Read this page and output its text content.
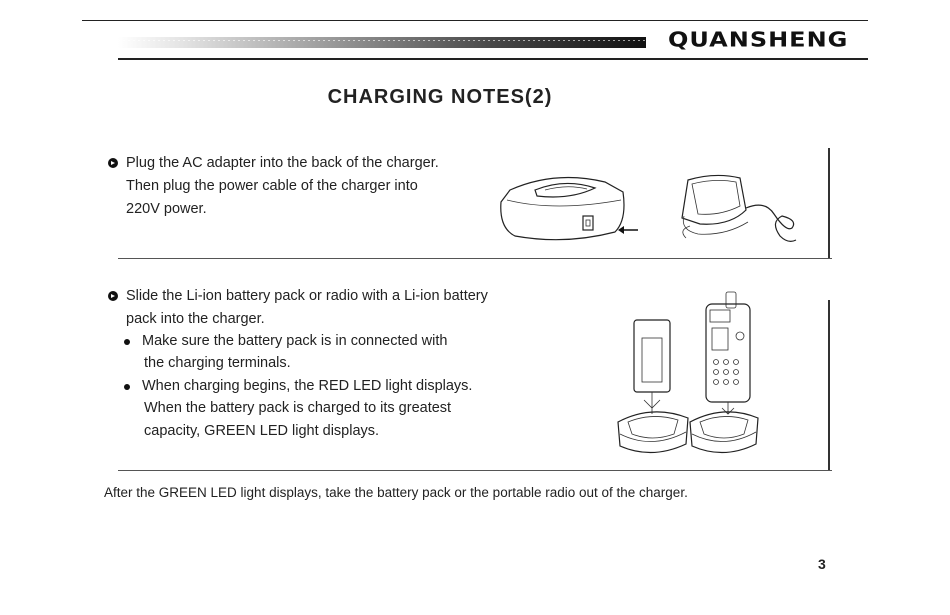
QUANSHENG
CHARGING NOTES(2)
Plug the AC adapter into the back of the charger.
Then plug the power cable of the charger into
220V power.
Slide the Li-ion battery pack or radio with a Li-ion battery
pack into the charger.
Make sure the battery pack is in connected with
the charging terminals.
When charging begins, the RED LED light displays.
When the battery pack is charged to its greatest
capacity, GREEN LED light displays.
After the GREEN LED light displays, take the battery pack or the portable radio out of the charger.
3
